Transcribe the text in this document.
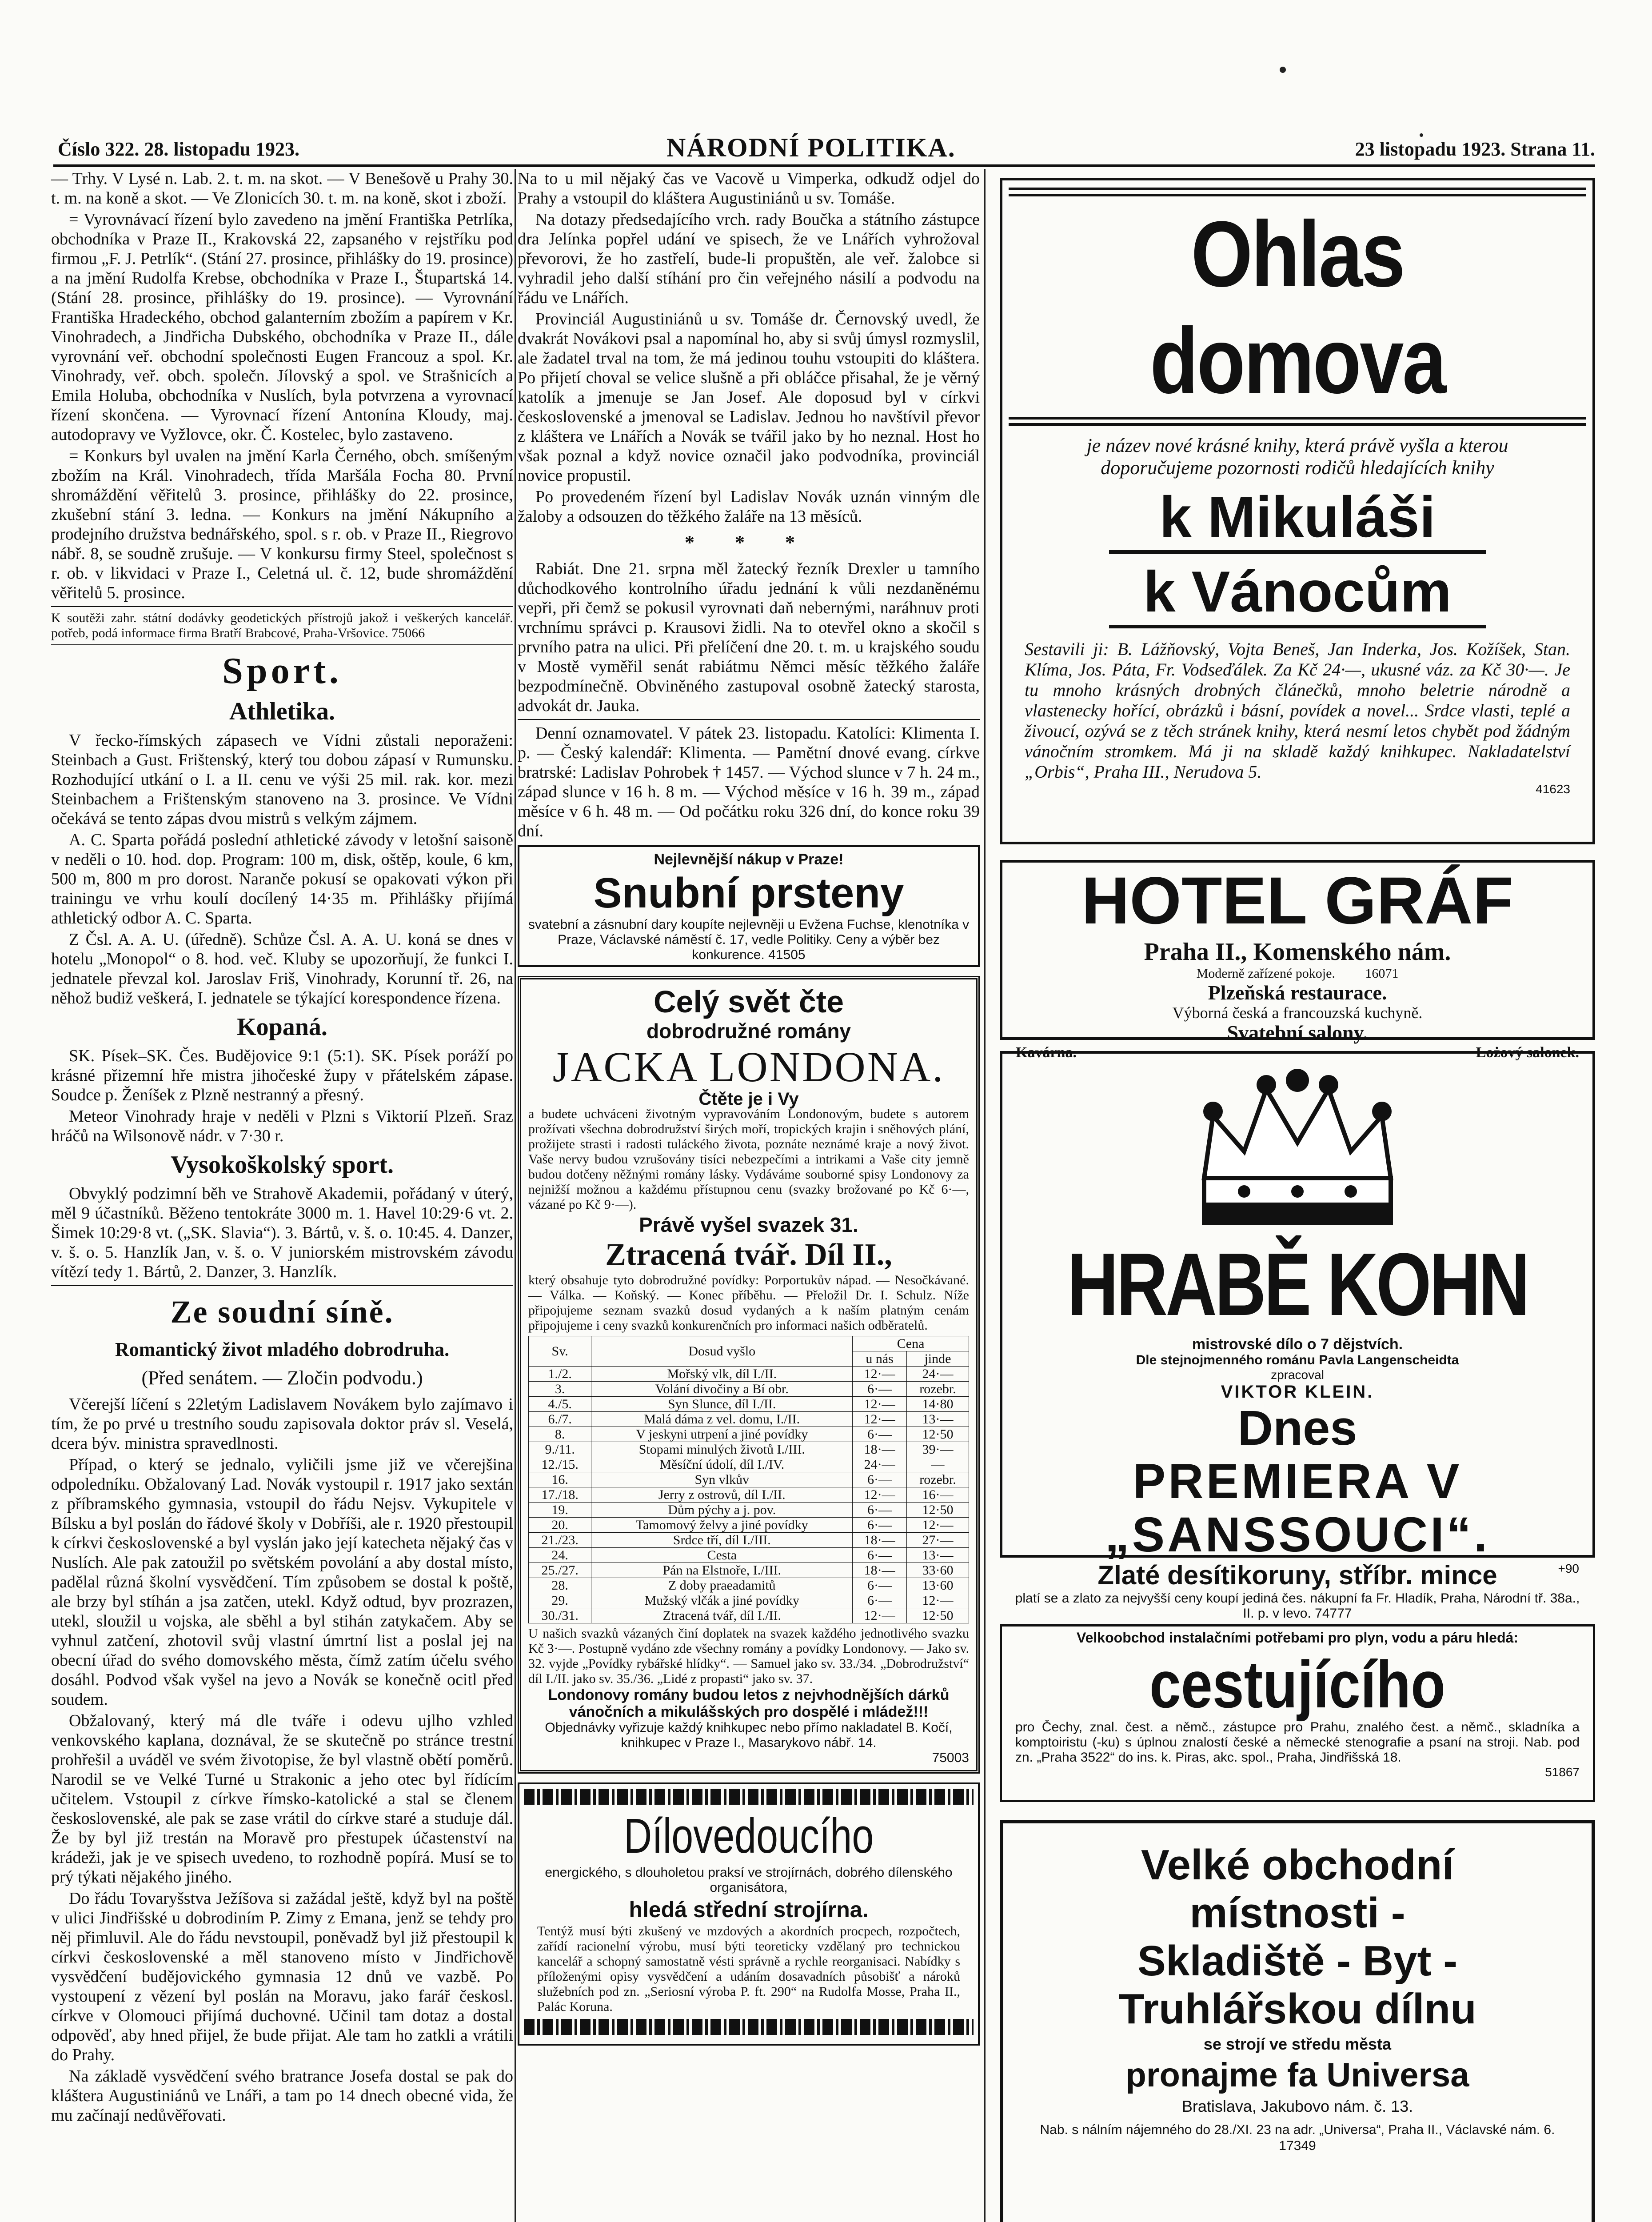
Číslo 322. 28. listopadu 1923.	NÁRODNÍ POLITIKA.	23 listopadu 1923. Strana 11.

— Trhy. V Lysé n. Lab. 2. t. m. na skot. — V Benešově u Prahy 30. t. m. na koně a skot. — Ve Zlonicích 30. t. m. na koně, skot i zboží.

= Vyrovnávací řízení bylo zavedeno na jmění Františka Petrlíka, obchodníka v Praze II., Krakovská 22, zapsaného v rejstříku pod firmou „F. J. Petrlík“. (Stání 27. prosince, přihlášky do 19. prosince) a na jmění Rudolfa Krebse, obchodníka v Praze I., Štupartská 14. (Stání 28. prosince, přihlášky do 19. prosince). — Vyrovnání Františka Hradeckého, obchod galanterním zbožím a papírem v Kr. Vinohradech, a Jindřicha Dubského, obchodníka v Praze II., dále vyrovnání veř. obchodní společnosti Eugen Francouz a spol. Kr. Vinohrady, veř. obch. společn. Jílovský a spol. ve Strašnicích a Emila Holuba, obchodníka v Nuslích, byla potvrzena a vyrovnací řízení skončena. — Vyrovnací řízení Antonína Kloudy, maj. autodopravy ve Vyžlovce, okr. Č. Kostelec, bylo zastaveno.

= Konkurs byl uvalen na jmění Karla Černého, obch. smíšeným zbožím na Král. Vinohradech, třída Maršála Focha 80. První shromáždění věřitelů 3. prosince, přihlášky do 22. prosince, zkušební stání 3. ledna. — Konkurs na jmění Nákupního a prodejního družstva bednářského, spol. s r. ob. v Praze II., Riegrovo nábř. 8, se soudně zrušuje. — V konkursu firmy Steel, společnost s r. ob. v likvidaci v Praze I., Celetná ul. č. 12, bude shromáždění věřitelů 5. prosince.

K soutěži zahr. státní dodávky geodetických přístrojů jakož i veškerých kancelář. potřeb, podá informace firma Bratří Brabcové, Praha-Vršovice. 75066

Sport.
Athletika.

V řecko-římských zápasech ve Vídni zůstali neporaženi: Steinbach a Gust. Frištenský, který tou dobou zápasí v Rumunsku. Rozhodující utkání o I. a II. cenu ve výši 25 mil. rak. kor. mezi Steinbachem a Frištenským stanoveno na 3. prosince. Ve Vídni očekává se tento zápas dvou mistrů s velkým zájmem.

A. C. Sparta pořádá poslední athletické závody v letošní saisoně v neděli o 10. hod. dop. Program: 100 m, disk, oštěp, koule, 6 km, 500 m, 800 m pro dorost. Naranče pokusí se opakovati výkon při trainingu ve vrhu koulí docílený 14·35 m. Přihlášky přijímá athletický odbor A. C. Sparta.

Z Čsl. A. A. U. (úředně). Schůze Čsl. A. A. U. koná se dnes v hotelu „Monopol“ o 8. hod. več. Kluby se upozorňují, že funkci I. jednatele převzal kol. Jaroslav Friš, Vinohrady, Korunní tř. 26, na něhož budiž veškerá, I. jednatele se týkající korespondence řízena.

Kopaná.

SK. Písek–SK. Čes. Budějovice 9:1 (5:1). SK. Písek poráží po krásné přizemní hře mistra jihočeské župy v přátelském zápase. Soudce p. Ženíšek z Plzně nestranný a přesný.

Meteor Vinohrady hraje v neděli v Plzni s Viktorií Plzeň. Sraz hráčů na Wilsonově nádr. v 7·30 r.

Vysokoškolský sport.

Obvyklý podzimní běh ve Strahově Akademii, pořádaný v úterý, měl 9 účastníků. Běženo tentokráte 3000 m. 1. Havel 10:29·6 vt. 2. Šimek 10:29·8 vt. („SK. Slavia“). 3. Bártů, v. š. o. 10:45. 4. Danzer, v. š. o. 5. Hanzlík Jan, v. š. o. V juniorském mistrovském závodu vítězí tedy 1. Bártů, 2. Danzer, 3. Hanzlík.

Ze soudní síně.
Romantický život mladého dobrodruha.
(Před senátem. — Zločin podvodu.)

Včerejší líčení s 22letým Ladislavem Novákem bylo zajímavo i tím, že po prvé u trestního soudu zapisovala doktor práv sl. Veselá, dcera býv. ministra spravedlnosti.

Případ, o který se jednalo, vyličili jsme již ve včerejšina odpoledníku. Obžalovaný Lad. Novák vystoupil r. 1917 jako sextán z příbramského gymnasia, vstoupil do řádu Nejsv. Vykupitele v Bílsku a byl poslán do řádové školy v Dobříši, ale r. 1920 přestoupil k církvi československé a byl vyslán jako její katecheta nějaký čas v Nuslích. Ale pak zatoužil po světském povolání a aby dostal místo, padělal různá školní vysvědčení. Tím způsobem se dostal k poště, ale brzy byl stíhán a jsa zatčen, utekl. Když odtud, byv prozrazen, utekl, sloužil u vojska, ale sběhl a byl stihán zatykačem. Aby se vyhnul zatčení, zhotovil svůj vlastní úmrtní list a poslal jej na obecní úřad do svého domovského města, čímž zatím účelu svého dosáhl. Podvod však vyšel na jevo a Novák se konečně ocitl před soudem.

Obžalovaný, který má dle tváře i odevu ujlho vzhled venkovského kaplana, doznával, že se skutečně po stránce trestní prohřešil a uváděl ve svém životopise, že byl vlastně obětí poměrů. Narodil se ve Velké Turné u Strakonic a jeho otec byl řídícím učitelem. Vstoupil z církve římsko-katolické a stal se členem československé, ale pak se zase vrátil do církve staré a studuje dál. Že by byl již trestán na Moravě pro přestupek účastenství na krádeži, jak je ve spisech uvedeno, to rozhodně popírá. Musí se to prý týkati nějakého jiného.

Do řádu Tovaryšstva Ježíšova si zažádal ještě, když byl na poště v ulici Jindřišské u dobrodiním P. Zimy z Emana, jenž se tehdy pro něj přimluvil. Ale do řádu nevstoupil, poněvadž byl již přestoupil k církvi československé a měl stanoveno místo v Jindřichově vysvědčení budějovického gymnasia 12 dnů ve vazbě. Po vystoupení z vězení byl poslán na Moravu, jako farář českosl. církve v Olomouci přijímá duchovné. Učinil tam dotaz a dostal odpověď, aby hned přijel, že bude přijat. Ale tam ho zatkli a vrátili do Prahy.

Na základě vysvědčení svého bratrance Josefa dostal se pak do kláštera Augustiniánů ve Lnáři, a tam po 14 dnech obecné vida, že mu začínají nedůvěřovati.

Na to u mil nějaký čas ve Vacově u Vimperka, odkudž odjel do Prahy a vstoupil do kláštera Augustiniánů u sv. Tomáše.

Na dotazy předsedajícího vrch. rady Boučka a státního zástupce dra Jelínka popřel udání ve spisech, že ve Lnářích vyhrožoval převorovi, že ho zastřelí, bude-li propuštěn, ale veř. žalobce si vyhradil jeho další stíhání pro čin veřejného násilí a podvodu na řádu ve Lnářích.

Provinciál Augustiniánů u sv. Tomáše dr. Černovský uvedl, že dvakrát Novákovi psal a napomínal ho, aby si svůj úmysl rozmyslil, ale žadatel trval na tom, že má jedinou touhu vstoupiti do kláštera. Po přijetí choval se velice slušně a při obláčce přisahal, že je věrný katolík a jmenuje se Jan Josef. Ale doposud byl v církvi československé a jmenoval se Ladislav. Jednou ho navštívil převor z kláštera ve Lnářích a Novák se tvářil jako by ho neznal. Host ho však poznal a když novice označil jako podvodníka, provinciál novice propustil.

Po provedeném řízení byl Ladislav Novák uznán vinným dle žaloby a odsouzen do těžkého žaláře na 13 měsíců.

* * *

Rabiát. Dne 21. srpna měl žatecký řezník Drexler u tamního důchodkového kontrolního úřadu jednání k vůli nezdaněnému vepři, při čemž se pokusil vyrovnati daň nebernými, naráhnuv proti vrchnímu správci p. Krausovi židli. Na to otevřel okno a skočil s prvního patra na ulici. Při přelíčení dne 20. t. m. u krajského soudu v Mostě vyměřil senát rabiátmu Němci měsíc těžkého žaláře bezpodmínečně. Obviněného zastupoval osobně žatecký starosta, advokát dr. Jauka.

Denní oznamovatel. V pátek 23. listopadu. Katolíci: Klimenta I. p. — Český kalendář: Klimenta. — Pamětní dnové evang. církve bratrské: Ladislav Pohrobek † 1457. — Východ slunce v 7 h. 24 m., západ slunce v 16 h. 8 m. — Východ měsíce v 16 h. 39 m., západ měsíce v 6 h. 48 m. — Od počátku roku 326 dní, do konce roku 39 dní.

Nejlevnější nákup v Praze!
Snubní prsteny
svatební a zásnubní dary koupíte nejlevněji u Evžena Fuchse, klenotníka v Praze, Václavské náměstí č. 17, vedle Politiky. Ceny a výběr bez konkurence. 41505
Celý svět čte
dobrodružné romány
JACKA LONDONA.
Čtěte je i Vy
a budete uchváceni životným vypravováním Londonovým, budete s autorem prožívati všechna dobrodružství širých moří, tropických krajin i sněhových plání, prožijete strasti i radosti tuláckého života, poznáte neznámé kraje a nový život. Vaše nervy budou vzrušovány tisíci nebezpečími a intrikami a Vaše city jemně budou dotčeny něžnými romány lásky. Vydáváme souborné spisy Londonovy za nejnižší možnou a každému přístupnou cenu (svazky brožované po Kč 6·—, vázané po Kč 9·—).
Právě vyšel svazek 31.
Ztracená tvář. Díl II.,
který obsahuje tyto dobrodružné povídky: Porportukův nápad. — Nesočkávané. — Válka. — Koňský. — Konec příběhu. — Přeložil Dr. I. Schulz. Níže připojujeme seznam svazků dosud vydaných a k naším platným cenám připojujeme i ceny svazků konkurenčních pro informaci našich odběratelů.
Sv.	Dosud vyšlo	Cena	
		u nás	jinde
1./2.	Mořský vlk, díl I./II.	12·—	24·—
3.	Volání divočiny a Bí obr.	6·—	rozebr.
4./5.	Syn Slunce, díl I./II.	12·—	14·80
6./7.	Malá dáma z vel. domu, I./II.	12·—	13·—
8.	V jeskyni utrpení a jiné povídky	6·—	12·50
9./11.	Stopami minulých životů I./III.	18·—	39·—
12./15.	Měsíční údolí, díl I./IV.	24·—	—
16.	Syn vlkův	6·—	rozebr.
17./18.	Jerry z ostrovů, díl I./II.	12·—	16·—
19.	Dům pýchy a j. pov.	6·—	12·50
20.	Tamomový želvy a jiné povídky	6·—	12·—
21./23.	Srdce tří, díl I./III.	18·—	27·—
24.	Cesta	6·—	13·—
25./27.	Pán na Elstnoře, I./III.	18·—	33·60
28.	Z doby praeadamitů	6·—	13·60
29.	Mužský vlčák a jiné povídky	6·—	12·—
30./31.	Ztracená tvář, díl I./II.	12·—	12·50
U našich svazků vázaných činí doplatek na svazek každého jednotlivého svazku Kč 3·—. Postupně vydáno zde všechny romány a povídky Londonovy. — Jako sv. 32. vyjde „Povídky rybářské hlídky“. — Samuel jako sv. 33./34. „Dobrodružství“ díl I./II. jako sv. 35./36. „Lidé z propasti“ jako sv. 37.
Londonovy romány budou letos z nejvhodnějších dárků vánočních a mikulášských pro dospělé i mládež!!!
Objednávky vyřizuje každý knihkupec nebo přímo nakladatel B. Kočí, knihkupec v Praze I., Masarykovo nábř. 14.
75003
Dílovedoucího
energického, s dlouholetou praksí ve strojírnách, dobrého dílenského organisátora,
hledá střední strojírna.
Tentýž musí býti zkušený ve mzdových a akordních procpech, rozpočtech, zařídí racionelní výrobu, musí býti teoreticky vzdělaný pro technickou kancelář a schopný samostatně vésti správně a rychle reorganisaci. Nabídky s příloženými opisy vysvědčení a udáním dosavadních působišť a nároků služebních pod zn. „Seriosní výroba P. ft. 290“ na Rudolfa Mosse, Praha II., Palác Koruna.
Ohlas domova
je název nové krásné knihy, která právě vyšla a kterou doporučujeme pozornosti rodičů hledajících knihy
k Mikuláši
k Vánocům
Sestavili ji: B. Lážňovský, Vojta Beneš, Jan Inderka, Jos. Kožíšek, Stan. Klíma, Jos. Páta, Fr. Vodseďálek. Za Kč 24·—, ukusné váz. za Kč 30·—. Je tu mnoho krásných drobných článečků, mnoho beletrie národně a vlastenecky hořící, obrázků i básní, povídek a novel... Srdce vlasti, teplé a živoucí, ozývá se z těch stránek knihy, která nesmí letos chybět pod žádným vánočním stromkem. Má ji na skladě každý knihkupec. Nakladatelství „Orbis“, Praha III., Nerudova 5.
41623
HOTEL GRÁF
Praha II., Komenského nám.
Moderně zařízené pokoje. 16071
Plzeňská restaurace.
Výborná česká a francouzská kuchyně.
Svatební salony.
Kavárna.	Lożový salonek.
HRABĚ KOHN
mistrovské dílo o 7 dějstvích.
Dle stejnojmenného románu Pavla Langenscheidta
zpracoval
VIKTOR KLEIN.
Dnes
PREMIERA V
„SANSSOUCI“.
+90
Zlaté desítikoruny, stříbr. mince
platí se a zlato za nejvyšší ceny koupí jediná čes. nákupní fa Fr. Hladík, Praha, Národní tř. 38a., II. p. v levo. 74777
Velkoobchod instalačními potřebami pro plyn, vodu a páru hledá:
cestujícího
pro Čechy, znal. čest. a němč., zástupce pro Prahu, znalého čest. a němč., skladníka a komptoiristu (-ku) s úplnou znalostí české a německé stenografie a psaní na stroji. Nab. pod zn. „Praha 3522“ do ins. k. Piras, akc. spol., Praha, Jindřišská 18.
51867
Velké obchodní
místnosti -
Skladiště - Byt -
Truhlářskou dílnu
se strojí ve středu města
pronajme fa Universa
Bratislava, Jakubovo nám. č. 13.
Nab. s nálním nájemného do 28./XI. 23 na adr. „Universa“, Praha II., Václavské nám. 6. 17349
